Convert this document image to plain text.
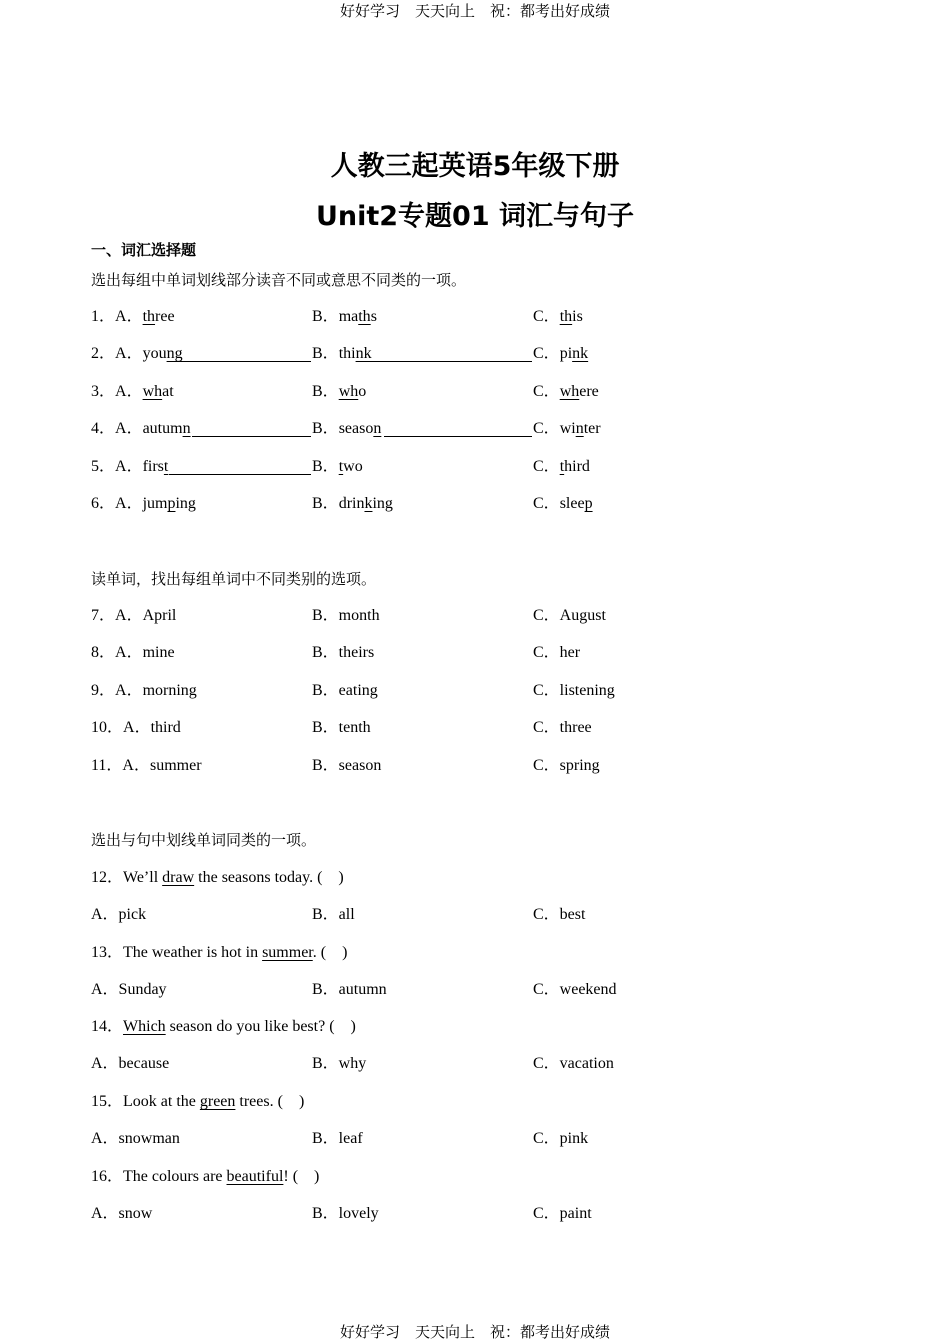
好好学习　天天向上　祝：都考出好成绩
人教三起英语5年级下册
Unit2专题01 词汇与句子
一、词汇选择题
选出每组中单词划线部分读音不同或意思不同类的一项。
1．A．three	B．maths	C．this
2．A．young	B．think	C．pink
3．A．what	B．who	C．where
4．A．autumn	B．season	C．winter
5．A．first	B．two	C．third
6．A．jumping	B．drinking	C．sleep
读单词，找出每组单词中不同类别的选项。
7．A．April	B．month	C．August
8．A．mine	B．theirs	C．her
9．A．morning	B．eating	C．listening
10．A．third	B．tenth	C．three
11．A．summer	B．season	C．spring
选出与句中划线单词同类的一项。
12．We’ll draw the seasons today. (　)
A．pick	B．all	C．best
13．The weather is hot in summer. (　)
A．Sunday	B．autumn	C．weekend
14．Which season do you like best? (　)
A．because	B．why	C．vacation
15．Look at the green trees. (　)
A．snowman	B．leaf	C．pink
16．The colours are beautiful! (　)
A．snow	B．lovely	C．paint
好好学习　天天向上　祝：都考出好成绩
